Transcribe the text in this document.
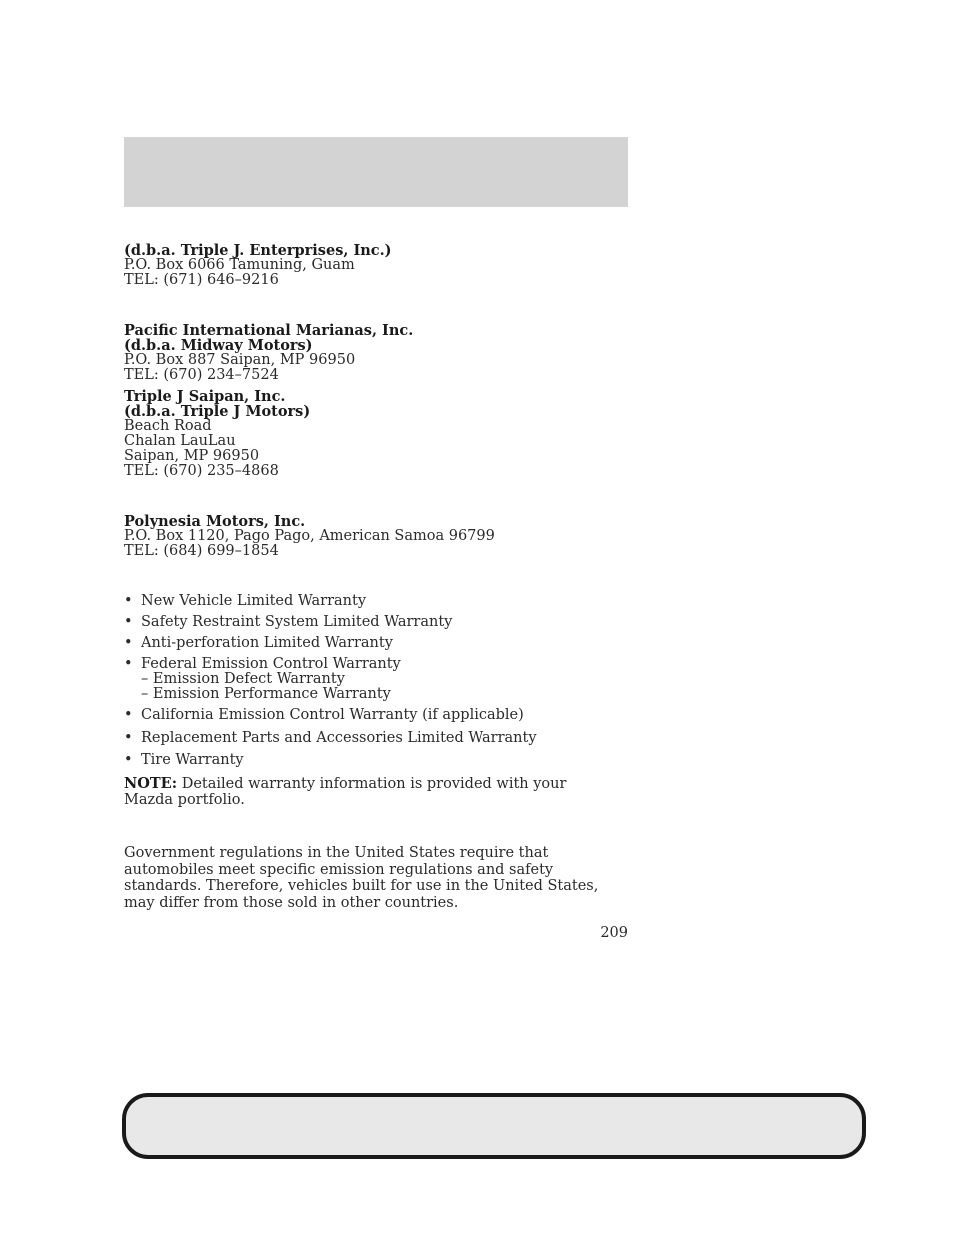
(d.b.a. Triple J. Enterprises, Inc.)
P.O. Box 6066 Tamuning, Guam
TEL: (671) 646–9216
Pacific International Marianas, Inc.
(d.b.a. Midway Motors)
P.O. Box 887 Saipan, MP 96950
TEL: (670) 234–7524
Triple J Saipan, Inc.
(d.b.a. Triple J Motors)
Beach Road
Chalan LauLau
Saipan, MP 96950
TEL: (670) 235–4868
Polynesia Motors, Inc.
P.O. Box 1120, Pago Pago, American Samoa 96799
TEL: (684) 699–1854
• New Vehicle Limited Warranty
• Safety Restraint System Limited Warranty
• Anti-perforation Limited Warranty
• Federal Emission Control Warranty
– Emission Defect Warranty
– Emission Performance Warranty
• California Emission Control Warranty (if applicable)
• Replacement Parts and Accessories Limited Warranty
• Tire Warranty
NOTE: Detailed warranty information is provided with your Mazda portfolio.
Government regulations in the United States require that automobiles meet specific emission regulations and safety standards. Therefore, vehicles built for use in the United States, may differ from those sold in other countries.
209
